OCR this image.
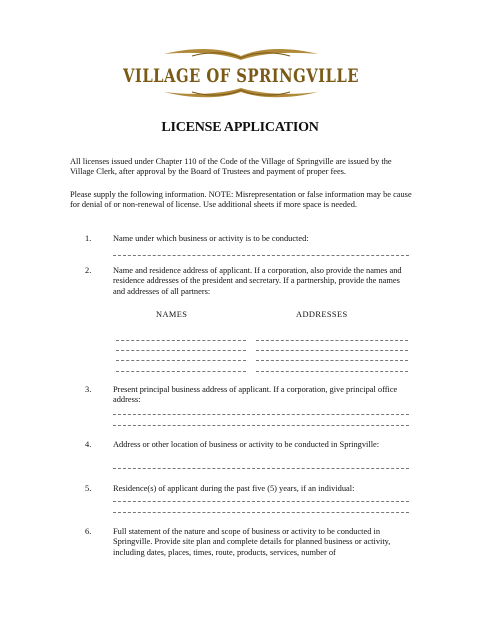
VILLAGE OF SPRINGVILLE
LICENSE APPLICATION
All licenses issued under Chapter 110 of the Code of the Village of Springville are issued by the Village Clerk, after approval by the Board of Trustees and payment of proper fees.
Please supply the following information. NOTE: Misrepresentation or false information may be cause for denial of or non-renewal of license. Use additional sheets if more space is needed.
1.	Name under which business or activity is to be conducted:
2.	Name and residence address of applicant. If a corporation, also provide the names and residence addresses of the president and secretary. If a partnership, provide the names and addresses of all partners:
NAMES	ADDRESSES
3.	Present principal business address of applicant. If a corporation, give principal office address:
4.	Address or other location of business or activity to be conducted in Springville:
5.	Residence(s) of applicant during the past five (5) years, if an individual:
6.	Full statement of the nature and scope of business or activity to be conducted in Springville. Provide site plan and complete details for planned business or activity, including dates, places, times, route, products, services, number of
